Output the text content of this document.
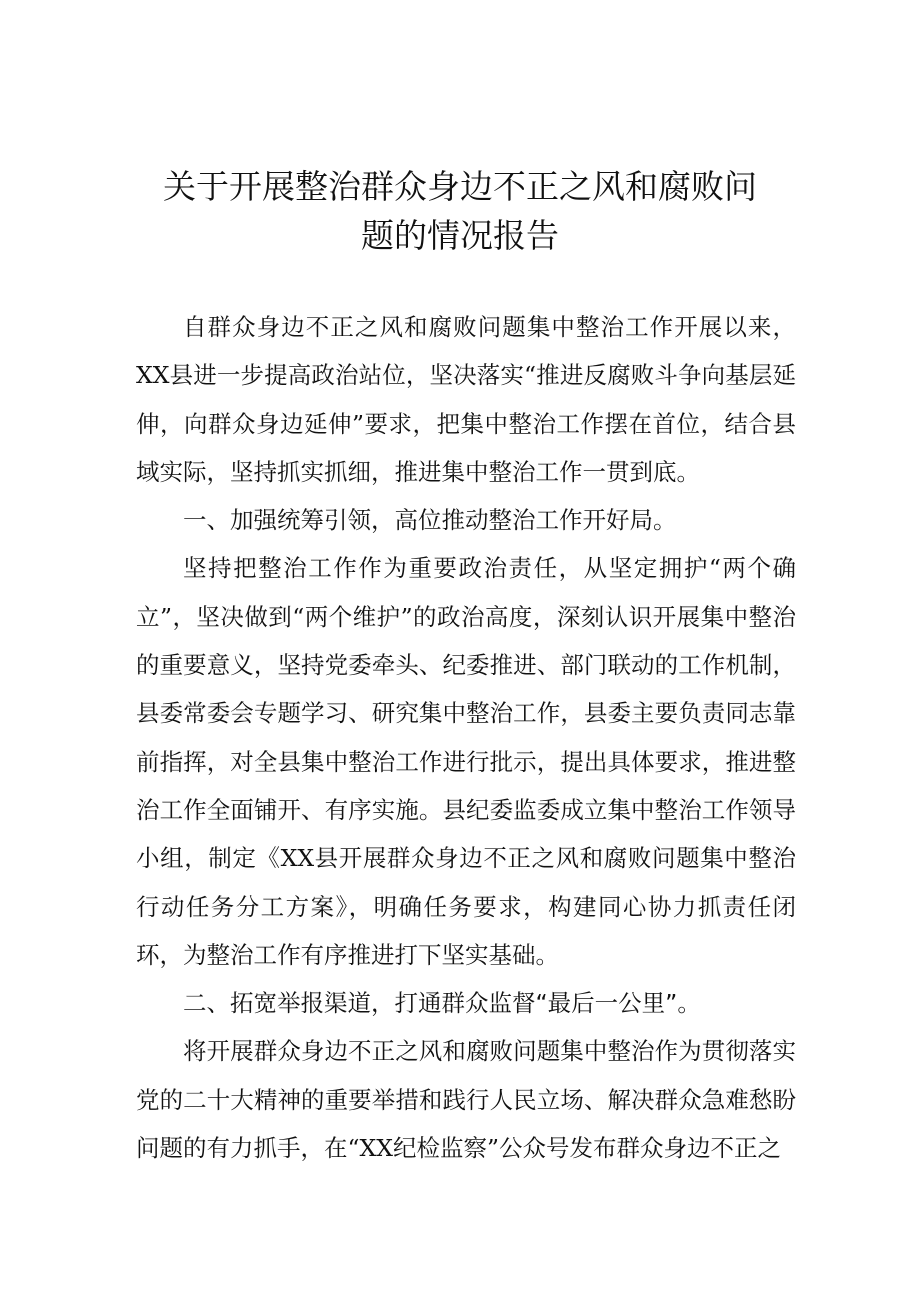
关于开展整治群众身边不正之风和腐败问
题的情况报告

自群众身边不正之风和腐败问题集中整治工作开展以来，XX县进一步提高政治站位，坚决落实“推进反腐败斗争向基层延伸，向群众身边延伸”要求，把集中整治工作摆在首位，结合县域实际，坚持抓实抓细，推进集中整治工作一贯到底。

一、加强统筹引领，高位推动整治工作开好局。

坚持把整治工作作为重要政治责任，从坚定拥护“两个确立”，坚决做到“两个维护”的政治高度，深刻认识开展集中整治的重要意义，坚持党委牵头、纪委推进、部门联动的工作机制，县委常委会专题学习、研究集中整治工作，县委主要负责同志靠前指挥，对全县集中整治工作进行批示，提出具体要求，推进整治工作全面铺开、有序实施。县纪委监委成立集中整治工作领导小组，制定《XX县开展群众身边不正之风和腐败问题集中整治行动任务分工方案》，明确任务要求，构建同心协力抓责任闭环，为整治工作有序推进打下坚实基础。

二、拓宽举报渠道，打通群众监督“最后一公里”。

将开展群众身边不正之风和腐败问题集中整治作为贯彻落实党的二十大精神的重要举措和践行人民立场、解决群众急难愁盼问题的有力抓手，在“XX纪检监察”公众号发布群众身边不正之
